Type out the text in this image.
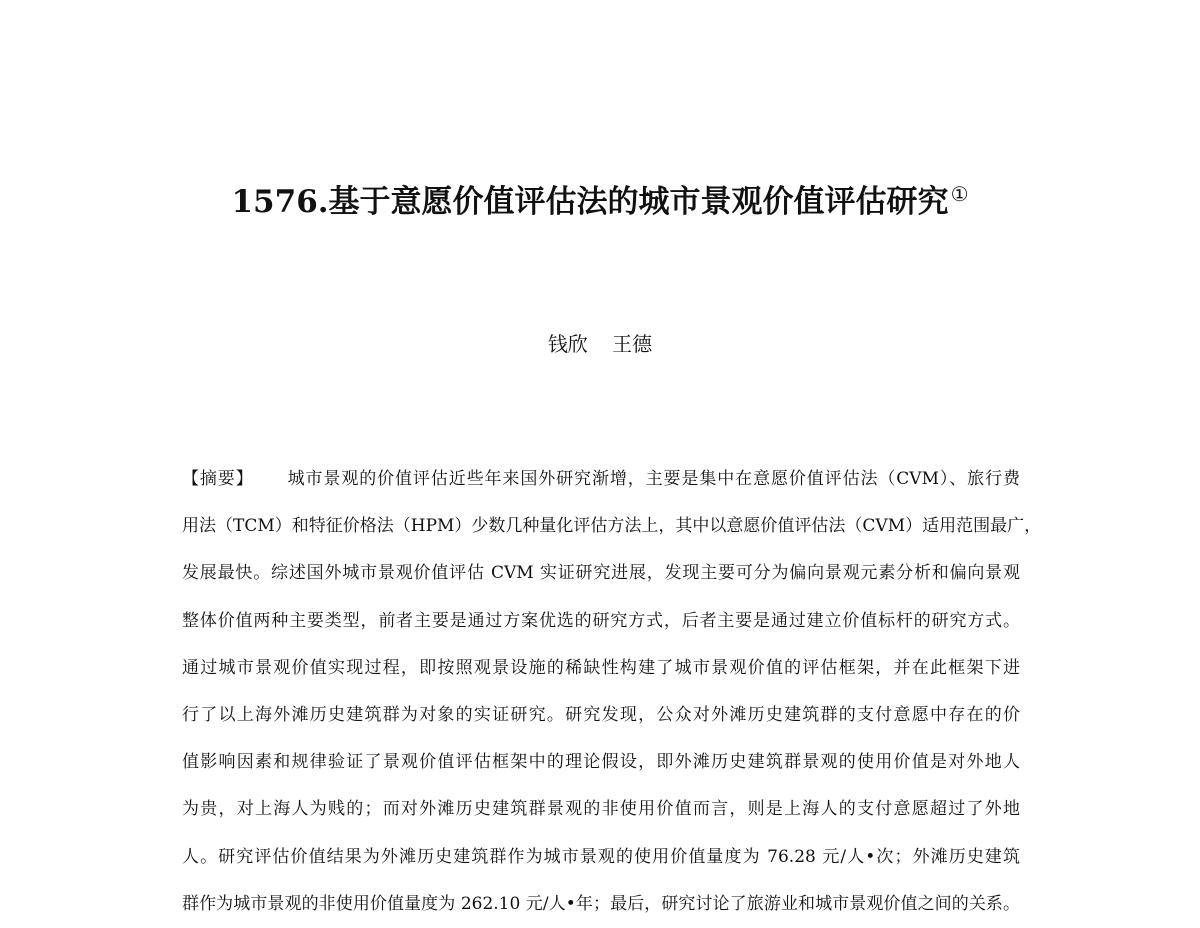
1576.基于意愿价值评估法的城市景观价值评估研究 ①
钱欣 王德
【摘要】 城市景观的价值评估近些年来国外研究渐增，主要是集中在意愿价值评估法（CVM）、旅行费
用法（TCM）和特征价格法（HPM）少数几种量化评估方法上，其中以意愿价值评估法（CVM）适用范围最广，
发展最快。综述国外城市景观价值评估 CVM 实证研究进展，发现主要可分为偏向景观元素分析和偏向景观
整体价值两种主要类型，前者主要是通过方案优选的研究方式，后者主要是通过建立价值标杆的研究方式。
通过城市景观价值实现过程，即按照观景设施的稀缺性构建了城市景观价值的评估框架，并在此框架下进
行了以上海外滩历史建筑群为对象的实证研究。研究发现，公众对外滩历史建筑群的支付意愿中存在的价
值影响因素和规律验证了景观价值评估框架中的理论假设，即外滩历史建筑群景观的使用价值是对外地人
为贵，对上海人为贱的；而对外滩历史建筑群景观的非使用价值而言，则是上海人的支付意愿超过了外地
人。研究评估价值结果为外滩历史建筑群作为城市景观的使用价值量度为 76.28 元/人•次；外滩历史建筑
群作为城市景观的非使用价值量度为 262.10 元/人•年；最后，研究讨论了旅游业和城市景观价值之间的关系。
